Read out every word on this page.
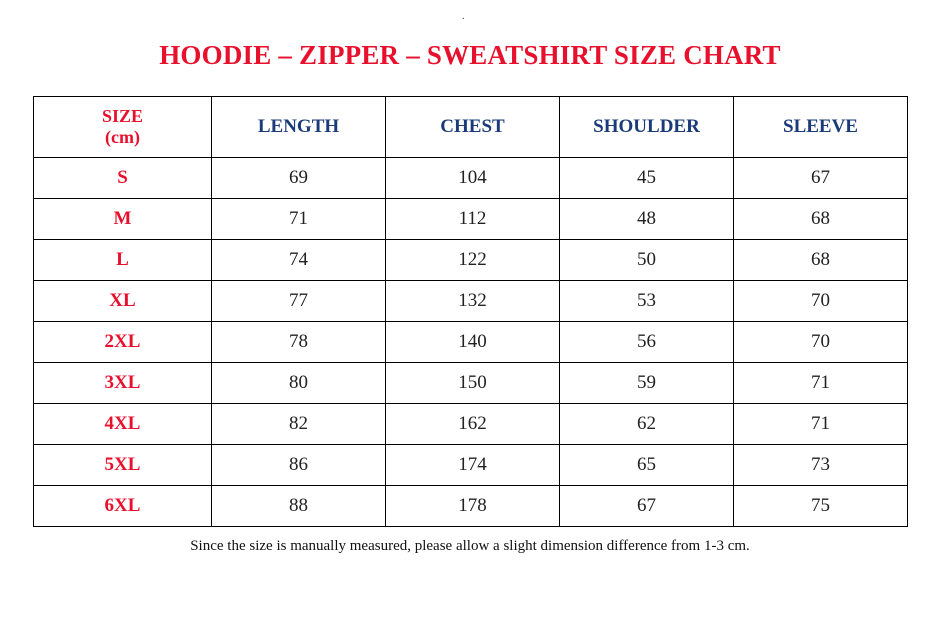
.
HOODIE – ZIPPER – SWEATSHIRT SIZE CHART
SIZE
(cm)	LENGTH	CHEST	SHOULDER	SLEEVE
S	69	104	45	67
M	71	112	48	68
L	74	122	50	68
XL	77	132	53	70
2XL	78	140	56	70
3XL	80	150	59	71
4XL	82	162	62	71
5XL	86	174	65	73
6XL	88	178	67	75
Since the size is manually measured, please allow a slight dimension difference from 1-3 cm.
